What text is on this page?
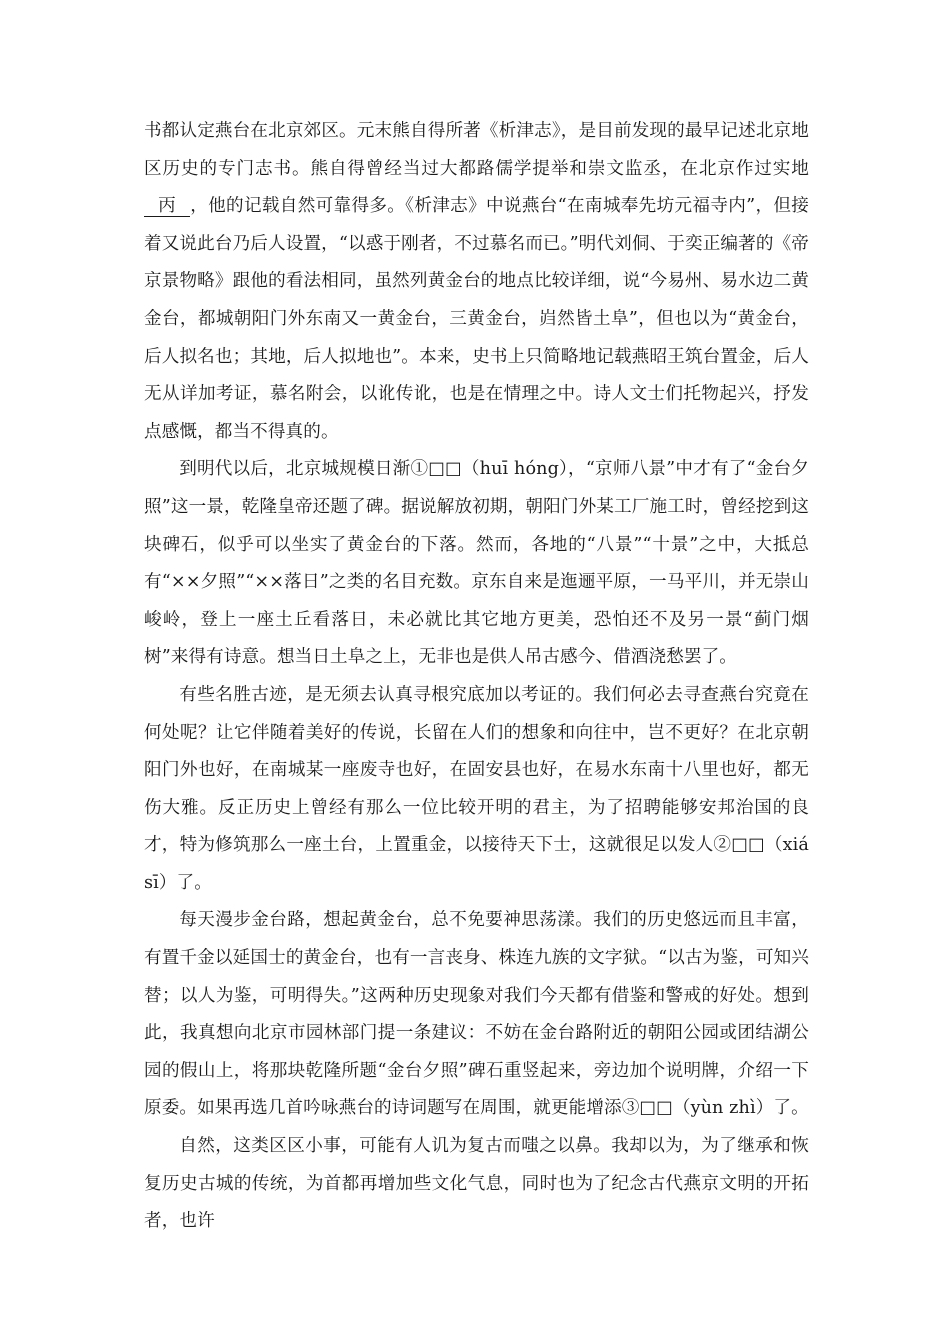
书都认定燕台在北京郊区。元末熊自得所著《析津志》，是目前发现的最早记述北京地区历史的专门志书。熊自得曾经当过大都路儒学提举和崇文监丞，在北京作过实地丙 ，他的记载自然可靠得多。《析津志》中说燕台“在南城奉先坊元福寺内”，但接着又说此台乃后人设置，“以惑于刚者，不过慕名而已。”明代刘侗、于奕正编著的《帝京景物略》跟他的看法相同，虽然列黄金台的地点比较详细，说“今易州、易水边二黄金台，都城朝阳门外东南又一黄金台，三黄金台，岿然皆土阜”，但也以为“黄金台，后人拟名也；其地，后人拟地也”。本来，史书上只简略地记载燕昭王筑台置金，后人无从详加考证，慕名附会，以讹传讹，也是在情理之中。诗人文士们托物起兴，抒发点感慨，都当不得真的。

到明代以后，北京城规模日渐①□□（huī hóng），“京师八景”中才有了“金台夕照”这一景，乾隆皇帝还题了碑。据说解放初期，朝阳门外某工厂施工时，曾经挖到这块碑石，似乎可以坐实了黄金台的下落。然而，各地的“八景”“十景”之中，大抵总有“××夕照”“××落日”之类的名目充数。京东自来是迤逦平原，一马平川，并无崇山峻岭，登上一座土丘看落日，未必就比其它地方更美，恐怕还不及另一景“蓟门烟树”来得有诗意。想当日土阜之上，无非也是供人吊古感今、借酒浇愁罢了。

有些名胜古迹，是无须去认真寻根究底加以考证的。我们何必去寻查燕台究竟在何处呢？让它伴随着美好的传说，长留在人们的想象和向往中，岂不更好？在北京朝阳门外也好，在南城某一座废寺也好，在固安县也好，在易水东南十八里也好，都无伤大雅。反正历史上曾经有那么一位比较开明的君主，为了招聘能够安邦治国的良才，特为修筑那么一座土台，上置重金，以接待天下士，这就很足以发人②□□（xiá sī）了。

每天漫步金台路，想起黄金台，总不免要神思荡漾。我们的历史悠远而且丰富，有置千金以延国士的黄金台，也有一言丧身、株连九族的文字狱。“以古为鉴，可知兴替；以人为鉴，可明得失。”这两种历史现象对我们今天都有借鉴和警戒的好处。想到此，我真想向北京市园林部门提一条建议：不妨在金台路附近的朝阳公园或团结湖公园的假山上，将那块乾隆所题“金台夕照”碑石重竖起来，旁边加个说明牌，介绍一下原委。如果再选几首吟咏燕台的诗词题写在周围，就更能增添③□□（yùn zhì）了。

自然，这类区区小事，可能有人讥为复古而嗤之以鼻。我却以为，为了继承和恢复历史古城的传统，为首都再增加些文化气息，同时也为了纪念古代燕京文明的开拓者，也许
